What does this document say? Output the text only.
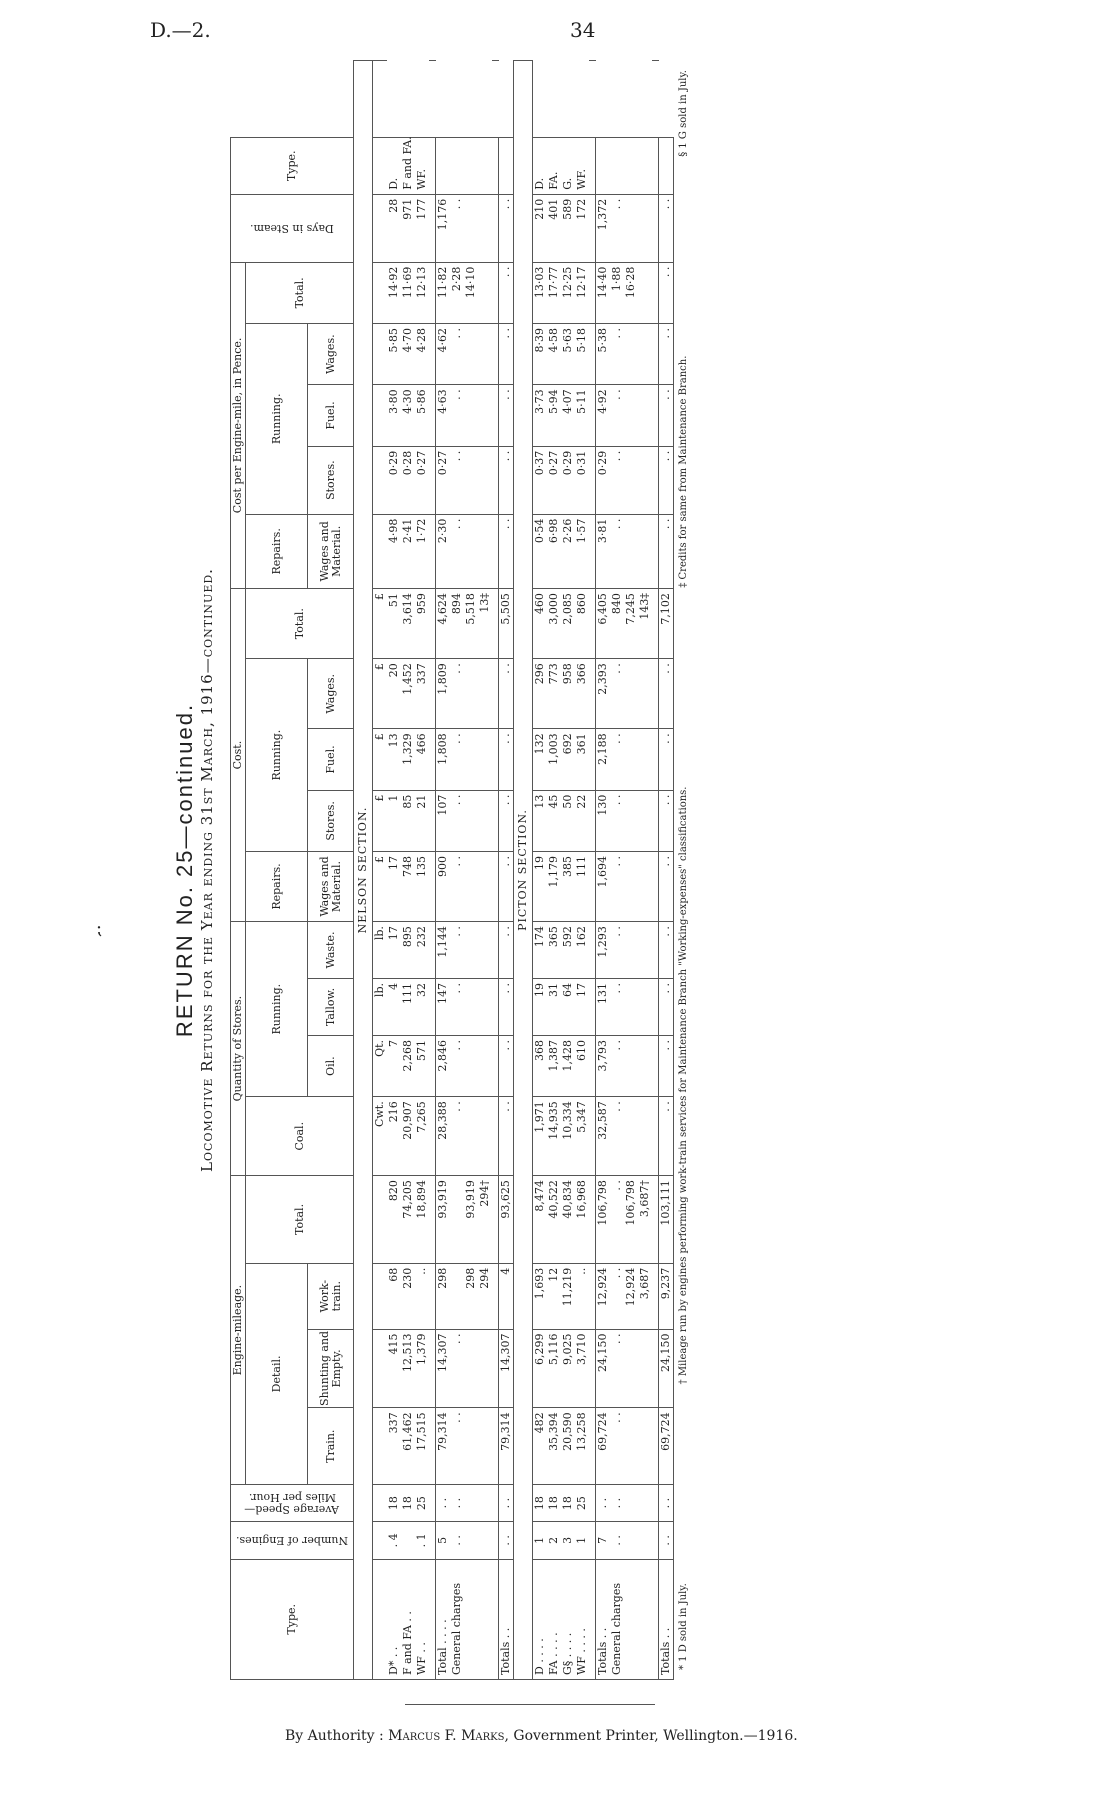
D.—2.	34
⁏	RETURN No. 25—continued. Locomotive Returns for the Year ending 31st March, 1916—continued.
Type.	Number of Engines.	Average Speed—Miles per Hour.	Engine-mileage.				Quantity of Stores.				Cost.					Cost per Engine-mile, in Pence.					Days in Steam.	Type.	
			Detail.			Total.	Coal.	Running.			Repairs.	Running.			Total.	Repairs.	Running.			Total.			
			Train.	Shunting and Empty.	Work-train.			Oil.	Tallow.	Waste.	Wages and Material.	Stores.	Fuel.	Wages.		Wages and Material.	Stores.	Fuel.	Wages.				
NELSON SECTION.																							
							Cwt.	Qt.	lb.	lb.	£	£	£	£	£								
D* . .	. 4	18	337	415	68	820	216	7	4	17	17	1	13	20	51	4·98	0·29	3·80	5·85	14·92	28	D.
F and FA . .		18	61,462	12,513	230	74,205	20,907	2,268	111	895	748	85	1,329	1,452	3,614	2·41	0·28	4·30	4·70	11·69	971	F and FA.
WF . .	. 1	25	17,515	1,379	..	18,894	7,265	571	32	232	135	21	466	337	959	1·72	0·27	5·86	4·28	12·13	177	WF.

Total . . . .	5	. .	79,314	14,307	298	93,919	28,388	2,846	147	1,144	900	107	1,808	1,809	4,624	2·30	0·27	4·63	4·62	11·82	1,176	
General charges	. .	. .	. .	. .			. .	. .	. .	. .	. .	. .	. .	. .	894	. .	. .	. .	. .	2·28	. .	
					298	93,919									5,518					14·10		
					294	294†									13‡							

Totals . .	. .	. .	79,314	14,307	4	93,625	. .	. .	. .	. .	. .	. .	. .	. .	5,505	. .	. .	. .	. .	. .	. .	
PICTON SECTION.																							
D . . . .	1	18	482	6,299	1,693	8,474	1,971	368	19	174	19	13	132	296	460	0·54	0·37	3·73	8·39	13·03	210	D.
FA . . . .	2	18	35,394	5,116	12	40,522	14,935	1,387	31	365	1,179	45	1,003	773	3,000	6·98	0·27	5·94	4·58	17·77	401	FA.
G§ . . . .	3	18	20,590	9,025	11,219	40,834	10,334	1,428	64	592	385	50	692	958	2,085	2·26	0·29	4·07	5·63	12·25	589	G.
WF . . . .	1	25	13,258	3,710	..	16,968	5,347	610	17	162	111	22	361	366	860	1·57	0·31	5·11	5·18	12·17	172	WF.

Totals . .	7	. .	69,724	24,150	12,924	106,798	32,587	3,793	131	1,293	1,694	130	2,188	2,393	6,405	3·81	0·29	4·92	5·38	14·40	1,372	
General charges	. .	. .	. .	. .	. .	. .	. .	. .	. .	. .	. .	. .	. .	. .	840	. .	. .	. .	. .	1·88	. .	
					12,924	106,798									7,245					16·28		
					3,687	3,687†									143‡							

Totals . .	. .	. .	69,724	24,150	9,237	103,111	. .	. .	. .	. .	. .	. .	. .	. .	7,102	. .	. .	. .	. .	. .	. .	
* 1 D sold in July.
† Mileage run by engines performing work-train services for Maintenance Branch "Working-expenses" classifications.
‡ Credits for same from Maintenance Branch.
§ 1 G sold in July.
By Authority : Marcus F. Marks, Government Printer, Wellington.—1916.
